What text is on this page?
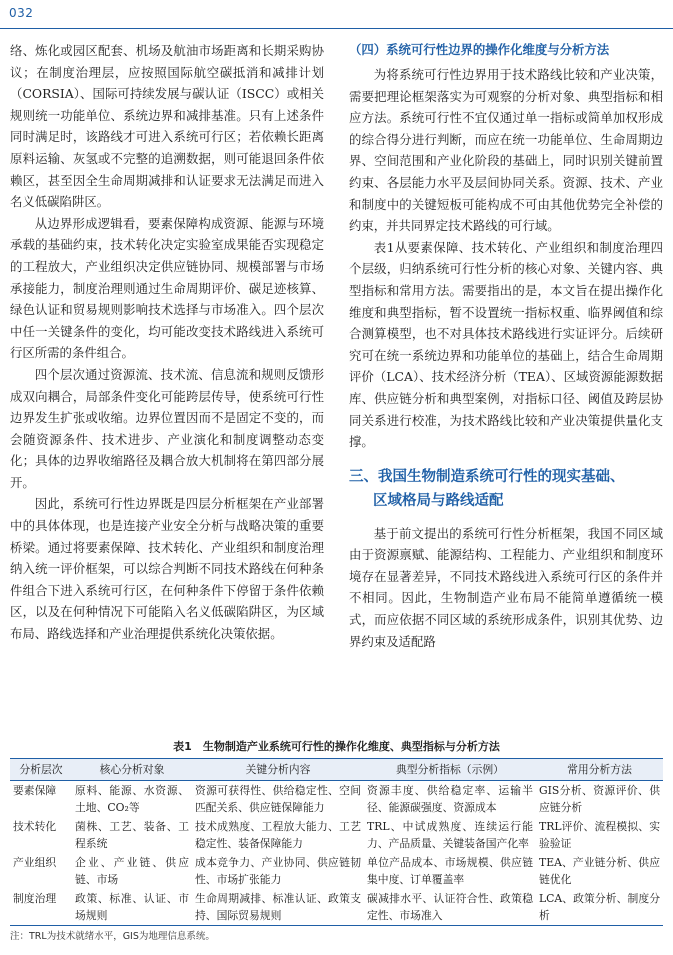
032

络、炼化或园区配套、机场及航油市场距离和长期采购协议；在制度治理层，应按照国际航空碳抵消和减排计划（CORSIA）、国际可持续发展与碳认证（ISCC）或相关规则统一功能单位、系统边界和减排基准。只有上述条件同时满足时，该路线才可进入系统可行区；若依赖长距离原料运输、灰氢或不完整的追溯数据，则可能退回条件依赖区，甚至因全生命周期减排和认证要求无法满足而进入名义低碳陷阱区。

从边界形成逻辑看，要素保障构成资源、能源与环境承载的基础约束，技术转化决定实验室成果能否实现稳定的工程放大，产业组织决定供应链协同、规模部署与市场承接能力，制度治理则通过生命周期评价、碳足迹核算、绿色认证和贸易规则影响技术选择与市场准入。四个层次中任一关键条件的变化，均可能改变技术路线进入系统可行区所需的条件组合。

四个层次通过资源流、技术流、信息流和规则反馈形成双向耦合，局部条件变化可能跨层传导，使系统可行性边界发生扩张或收缩。边界位置因而不是固定不变的，而会随资源条件、技术进步、产业演化和制度调整动态变化；具体的边界收缩路径及耦合放大机制将在第四部分展开。

因此，系统可行性边界既是四层分析框架在产业部署中的具体体现，也是连接产业安全分析与战略决策的重要桥梁。通过将要素保障、技术转化、产业组织和制度治理纳入统一评价框架，可以综合判断不同技术路线在何种条件组合下进入系统可行区，在何种条件下停留于条件依赖区，以及在何种情况下可能陷入名义低碳陷阱区，为区域布局、路线选择和产业治理提供系统化决策依据。

（四）系统可行性边界的操作化维度与分析方法

为将系统可行性边界用于技术路线比较和产业决策，需要把理论框架落实为可观察的分析对象、典型指标和相应方法。系统可行性不宜仅通过单一指标或简单加权形成的综合得分进行判断，而应在统一功能单位、生命周期边界、空间范围和产业化阶段的基础上，同时识别关键前置约束、各层能力水平及层间协同关系。资源、技术、产业和制度中的关键短板可能构成不可由其他优势完全补偿的约束，并共同界定技术路线的可行域。

表1从要素保障、技术转化、产业组织和制度治理四个层级，归纳系统可行性分析的核心对象、关键内容、典型指标和常用方法。需要指出的是，本文旨在提出操作化维度和典型指标，暂不设置统一指标权重、临界阈值和综合测算模型，也不对具体技术路线进行实证评分。后续研究可在统一系统边界和功能单位的基础上，结合生命周期评价（LCA）、技术经济分析（TEA）、区域资源能源数据库、供应链分析和典型案例，对指标口径、阈值及跨层协同关系进行校准，为技术路线比较和产业决策提供量化支撑。

三、我国生物制造系统可行性的现实基础、
区域格局与路线适配

基于前文提出的系统可行性分析框架，我国不同区域由于资源禀赋、能源结构、工程能力、产业组织和制度环境存在显著差异，不同技术路线进入系统可行区的条件并不相同。因此，生物制造产业布局不能简单遵循统一模式，而应依据不同区域的系统形成条件，识别其优势、边界约束及适配路

表1　生物制造产业系统可行性的操作化维度、典型指标与分析方法
分析层次	核心分析对象	关键分析内容	典型分析指标（示例）	常用分析方法
要素保障	原料、能源、水资源、土地、CO₂等	资源可获得性、供给稳定性、空间匹配关系、供应链保障能力	资源丰度、供给稳定率、运输半径、能源碳强度、资源成本	GIS分析、资源评价、供应链分析
技术转化	菌株、工艺、装备、工程系统	技术成熟度、工程放大能力、工艺稳定性、装备保障能力	TRL、中试成熟度、连续运行能力、产品质量、关键装备国产化率	TRL评价、流程模拟、实验验证
产业组织	企业、产业链、供应链、市场	成本竞争力、产业协同、供应链韧性、市场扩张能力	单位产品成本、市场规模、供应链集中度、订单覆盖率	TEA、产业链分析、供应链优化
制度治理	政策、标准、认证、市场规则	生命周期减排、标准认证、政策支持、国际贸易规则	碳减排水平、认证符合性、政策稳定性、市场准入	LCA、政策分析、制度分析
注：TRL为技术就绪水平，GIS为地理信息系统。
